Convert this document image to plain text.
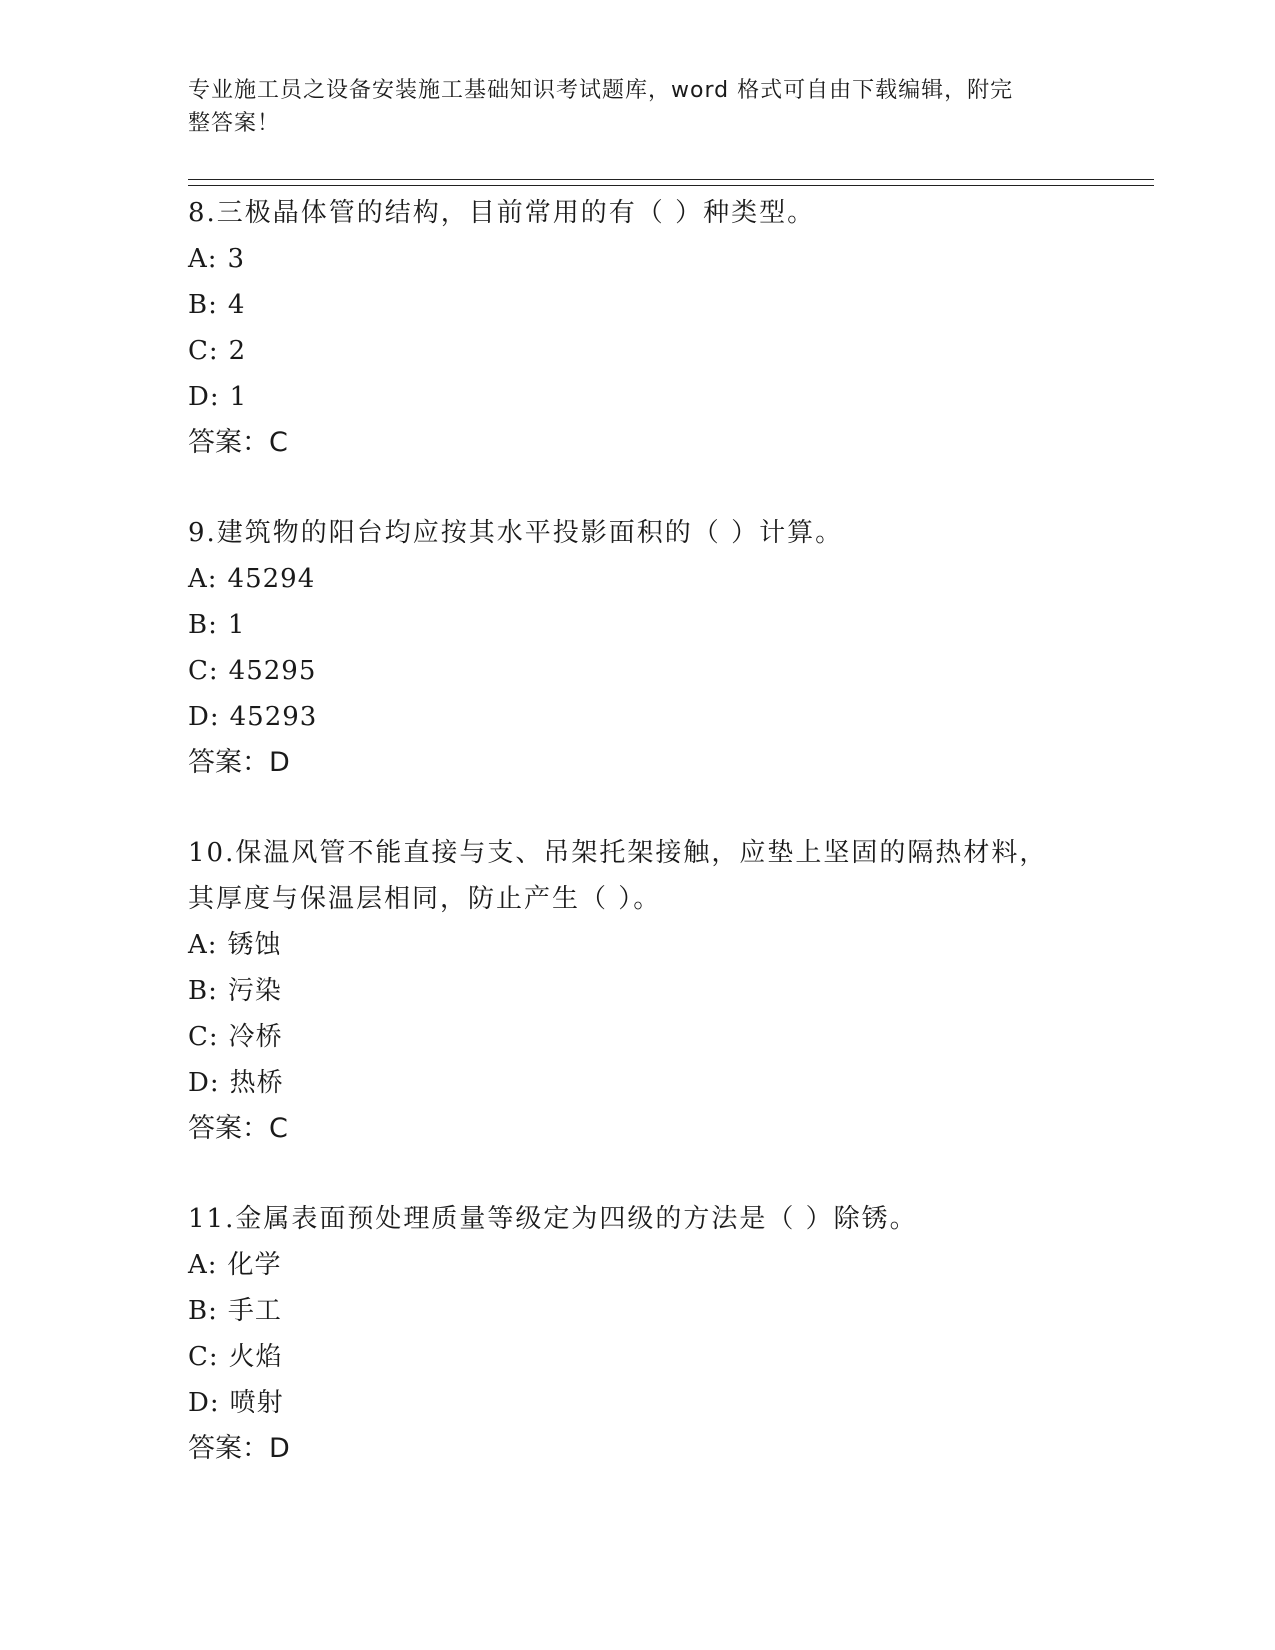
专业施工员之设备安装施工基础知识考试题库，word 格式可自由下载编辑，附完
整答案！
8.三极晶体管的结构，目前常用的有（ ）种类型。
A: 3
B: 4
C: 2
D: 1
答案：C
9.建筑物的阳台均应按其水平投影面积的（ ）计算。
A: 45294
B: 1
C: 45295
D: 45293
答案：D
10.保温风管不能直接与支、吊架托架接触，应垫上坚固的隔热材料，
其厚度与保温层相同，防止产生（ ）。
A: 锈蚀
B: 污染
C: 冷桥
D: 热桥
答案：C
11.金属表面预处理质量等级定为四级的方法是（ ）除锈。
A: 化学
B: 手工
C: 火焰
D: 喷射
答案：D
